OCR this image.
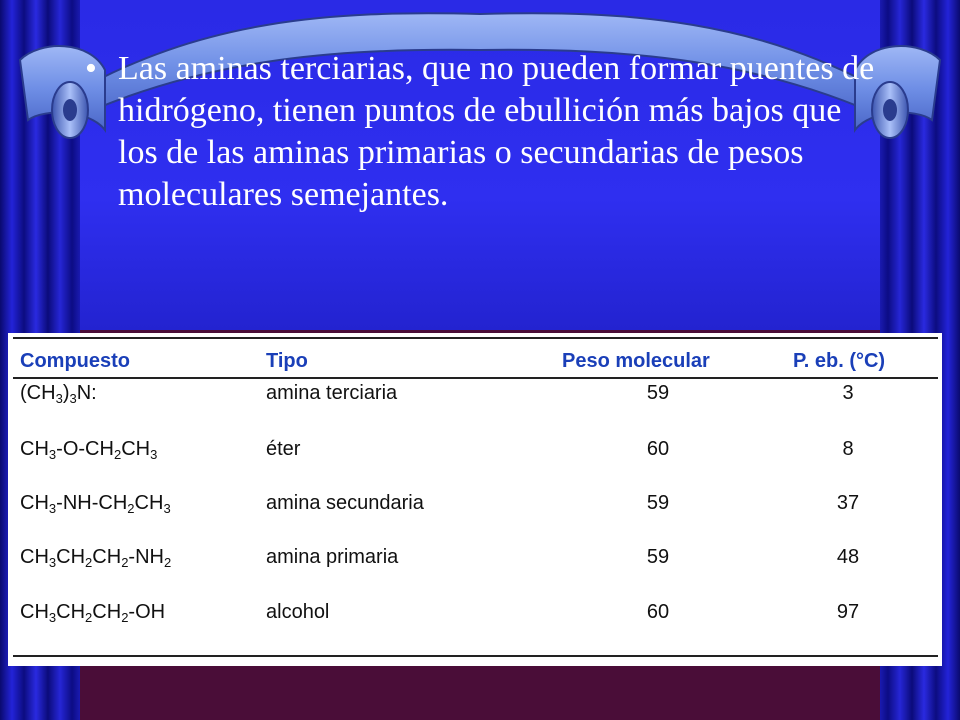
• Las aminas terciarias, que no pueden formar puentes de hidrógeno, tienen puntos de ebullición más bajos que los de las aminas primarias o secundarias de pesos moleculares semejantes.
Compuesto	Tipo	Peso molecular	P. eb. (°C)
$(CH_3)_3N$:	amina terciaria	59	3
$CH_3-O-CH_2CH_3$	éter	60	8
$CH_3-NH-CH_2CH_3$	amina secundaria	59	37
$CH_3CH_2CH_2-NH_2$	amina primaria	59	48
$CH_3CH_2CH_2-OH$	alcohol	60	97
